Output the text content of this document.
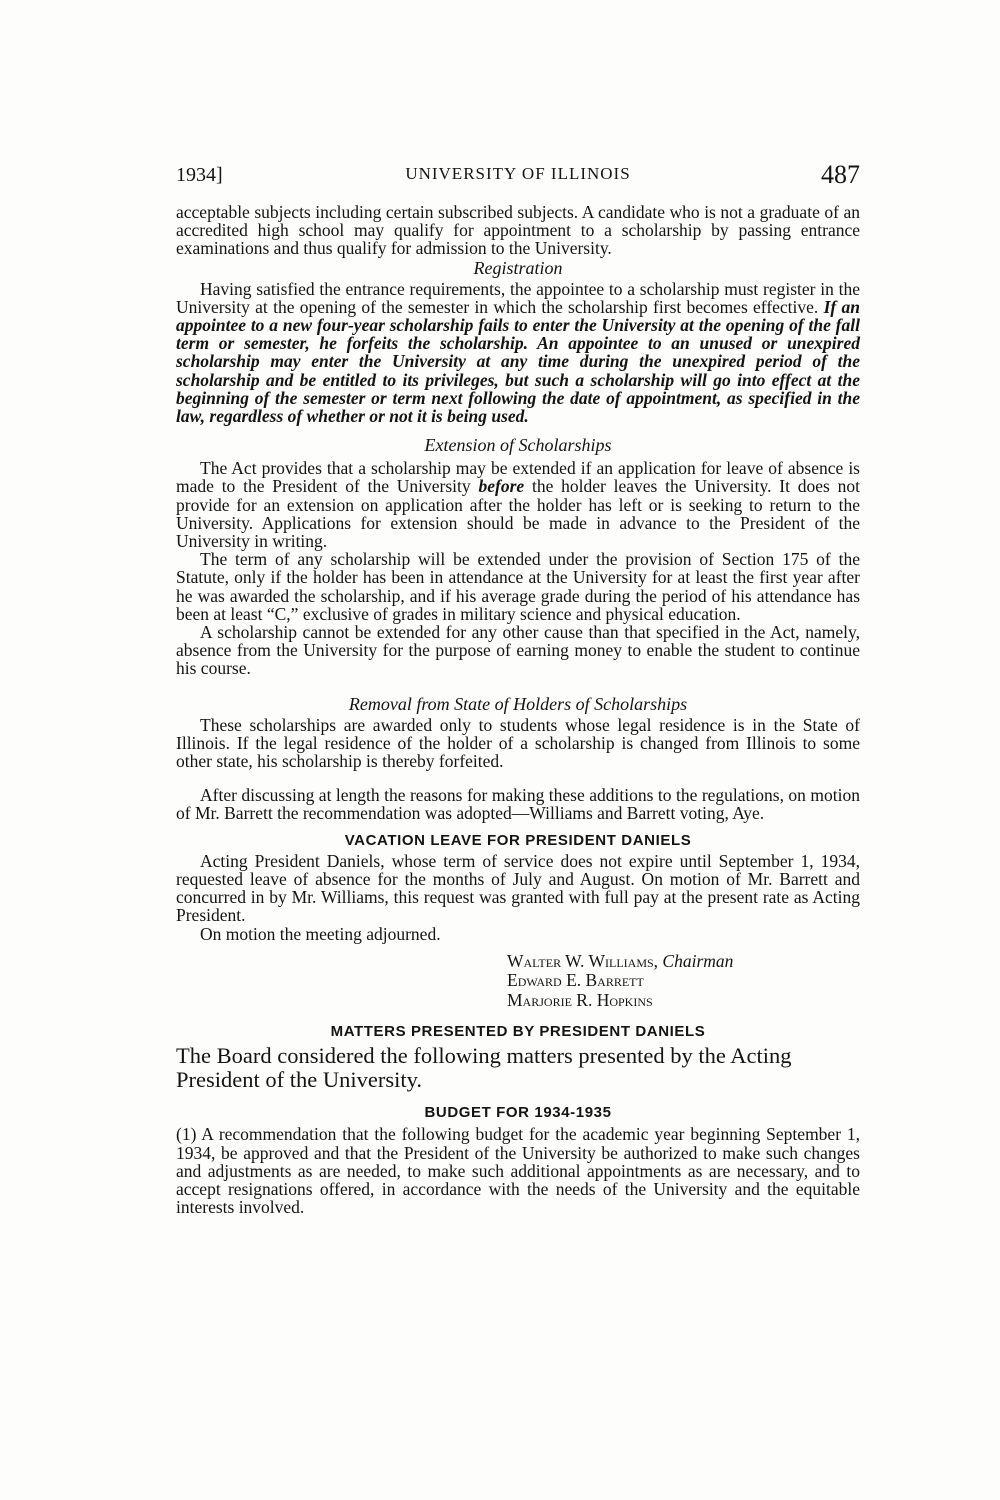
1934]	UNIVERSITY OF ILLINOIS	487

acceptable subjects including certain subscribed subjects. A candidate who is not a graduate of an accredited high school may qualify for appointment to a scholarship by passing entrance examinations and thus qualify for admission to the University.

Registration

Having satisfied the entrance requirements, the appointee to a scholarship must register in the University at the opening of the semester in which the scholarship first becomes effective. If an appointee to a new four-year scholarship fails to enter the University at the opening of the fall term or semester, he forfeits the scholarship. An appointee to an unused or unexpired scholarship may enter the University at any time during the unexpired period of the scholarship and be entitled to its privileges, but such a scholarship will go into effect at the beginning of the semester or term next following the date of appointment, as specified in the law, regardless of whether or not it is being used.

Extension of Scholarships

The Act provides that a scholarship may be extended if an application for leave of absence is made to the President of the University before the holder leaves the University. It does not provide for an extension on application after the holder has left or is seeking to return to the University. Applications for extension should be made in advance to the President of the University in writing.

The term of any scholarship will be extended under the provision of Section 175 of the Statute, only if the holder has been in attendance at the University for at least the first year after he was awarded the scholarship, and if his average grade during the period of his attendance has been at least “C,” exclusive of grades in military science and physical education.

A scholarship cannot be extended for any other cause than that specified in the Act, namely, absence from the University for the purpose of earning money to enable the student to continue his course.

Removal from State of Holders of Scholarships

These scholarships are awarded only to students whose legal residence is in the State of Illinois. If the legal residence of the holder of a scholarship is changed from Illinois to some other state, his scholarship is thereby forfeited.

After discussing at length the reasons for making these additions to the regulations, on motion of Mr. Barrett the recommendation was adopted—Williams and Barrett voting, Aye.

VACATION LEAVE FOR PRESIDENT DANIELS

Acting President Daniels, whose term of service does not expire until September 1, 1934, requested leave of absence for the months of July and August. On motion of Mr. Barrett and concurred in by Mr. Williams, this request was granted with full pay at the present rate as Acting President.

On motion the meeting adjourned.

Walter W. Williams, Chairman
Edward E. Barrett
Marjorie R. Hopkins
MATTERS PRESENTED BY PRESIDENT DANIELS

The Board considered the following matters presented by the Acting President of the University.

BUDGET FOR 1934-1935

(1) A recommendation that the following budget for the academic year beginning September 1, 1934, be approved and that the President of the University be authorized to make such changes and adjustments as are needed, to make such additional appointments as are necessary, and to accept resignations offered, in accordance with the needs of the University and the equitable interests involved.
